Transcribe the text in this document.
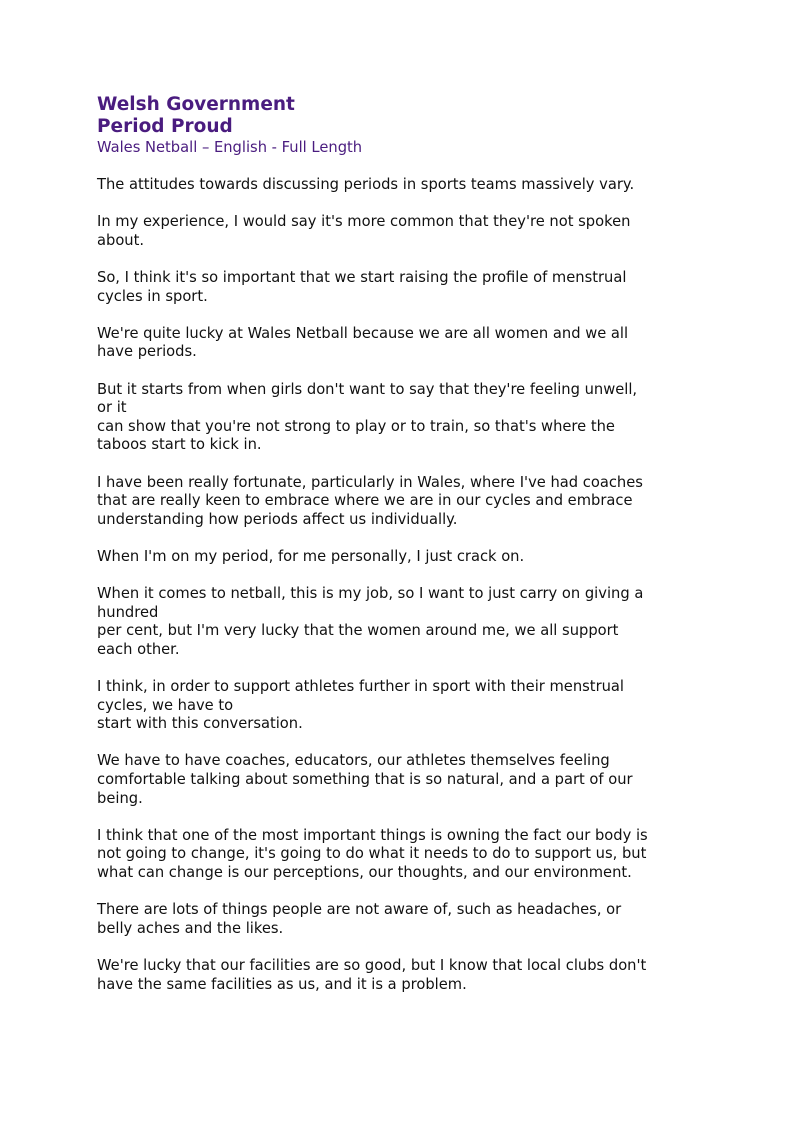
Welsh Government
Period Proud
Wales Netball – English - Full Length

The attitudes towards discussing periods in sports teams massively vary.

In my experience, I would say it's more common that they're not spoken
about.

So, I think it's so important that we start raising the profile of menstrual
cycles in sport.

We're quite lucky at Wales Netball because we are all women and we all
have periods.

But it starts from when girls don't want to say that they're feeling unwell,
or it
can show that you're not strong to play or to train, so that's where the
taboos start to kick in.

I have been really fortunate, particularly in Wales, where I've had coaches
that are really keen to embrace where we are in our cycles and embrace
understanding how periods affect us individually.

When I'm on my period, for me personally, I just crack on.

When it comes to netball, this is my job, so I want to just carry on giving a
hundred
per cent, but I'm very lucky that the women around me, we all support
each other.

I think, in order to support athletes further in sport with their menstrual
cycles, we have to
start with this conversation.

We have to have coaches, educators, our athletes themselves feeling
comfortable talking about something that is so natural, and a part of our
being.

I think that one of the most important things is owning the fact our body is
not going to change, it's going to do what it needs to do to support us, but
what can change is our perceptions, our thoughts, and our environment.

There are lots of things people are not aware of, such as headaches, or
belly aches and the likes.

We're lucky that our facilities are so good, but I know that local clubs don't
have the same facilities as us, and it is a problem.
